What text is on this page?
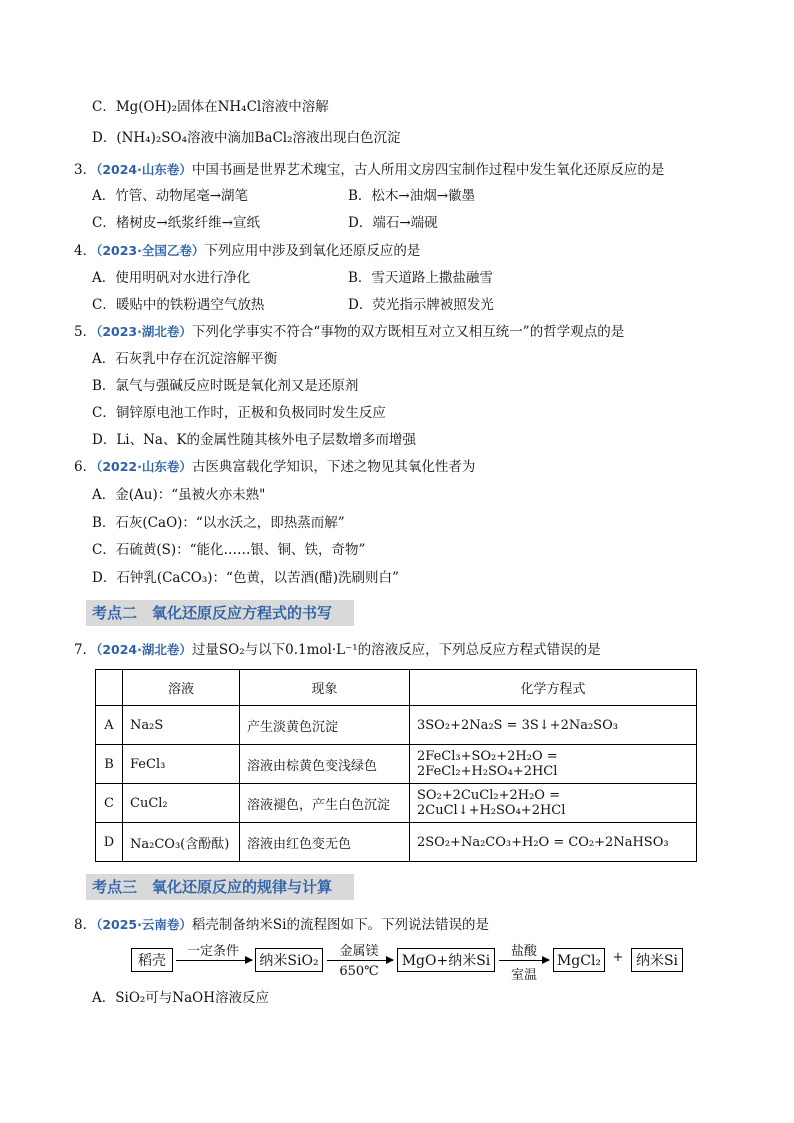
C．Mg(OH)₂固体在NH₄Cl溶液中溶解
D．(NH₄)₂SO₄溶液中滴加BaCl₂溶液出现白色沉淀
3．（2024·山东卷）中国书画是世界艺术瑰宝，古人所用文房四宝制作过程中发生氧化还原反应的是
A．竹管、动物尾毫→湖笔	B．松木→油烟→徽墨
C．楮树皮→纸浆纤维→宣纸	D．端石→端砚
4．（2023·全国乙卷）下列应用中涉及到氧化还原反应的是
A．使用明矾对水进行净化	B．雪天道路上撒盐融雪
C．暖贴中的铁粉遇空气放热	D．荧光指示牌被照发光
5．（2023·湖北卷）下列化学事实不符合“事物的双方既相互对立又相互统一”的哲学观点的是
A．石灰乳中存在沉淀溶解平衡
B．氯气与强碱反应时既是氧化剂又是还原剂
C．铜锌原电池工作时，正极和负极同时发生反应
D．Li、Na、K的金属性随其核外电子层数增多而增强
6．（2022·山东卷）古医典富载化学知识，下述之物见其氧化性者为
A．金(Au)：“虽被火亦未熟"
B．石灰(CaO)：“以水沃之，即热蒸而解”
C．石硫黄(S)：“能化……银、铜、铁，奇物”
D．石钟乳(CaCO₃)：“色黄，以苦酒(醋)洗刷则白”
考点二　氧化还原反应方程式的书写
7．（2024·湖北卷）过量SO₂与以下0.1mol·L⁻¹的溶液反应，下列总反应方程式错误的是
	溶液	现象	化学方程式
A	Na₂S	产生淡黄色沉淀	3SO₂+2Na₂S = 3S↓+2Na₂SO₃
B	FeCl₃	溶液由棕黄色变浅绿色	2FeCl₃+SO₂+2H₂O = 2FeCl₂+H₂SO₄+2HCl
C	CuCl₂	溶液褪色，产生白色沉淀	SO₂+2CuCl₂+2H₂O = 2CuCl↓+H₂SO₄+2HCl
D	Na₂CO₃(含酚酞)	溶液由红色变无色	2SO₂+Na₂CO₃+H₂O = CO₂+2NaHSO₃
考点三　氧化还原反应的规律与计算
8．（2025·云南卷）稻壳制备纳米Si的流程图如下。下列说法错误的是
稻壳
一定条件
纳米SiO₂
金属镁
650℃
MgO+纳米Si
盐酸
室温
MgCl₂ + 纳米Si
A．SiO₂可与NaOH溶液反应
